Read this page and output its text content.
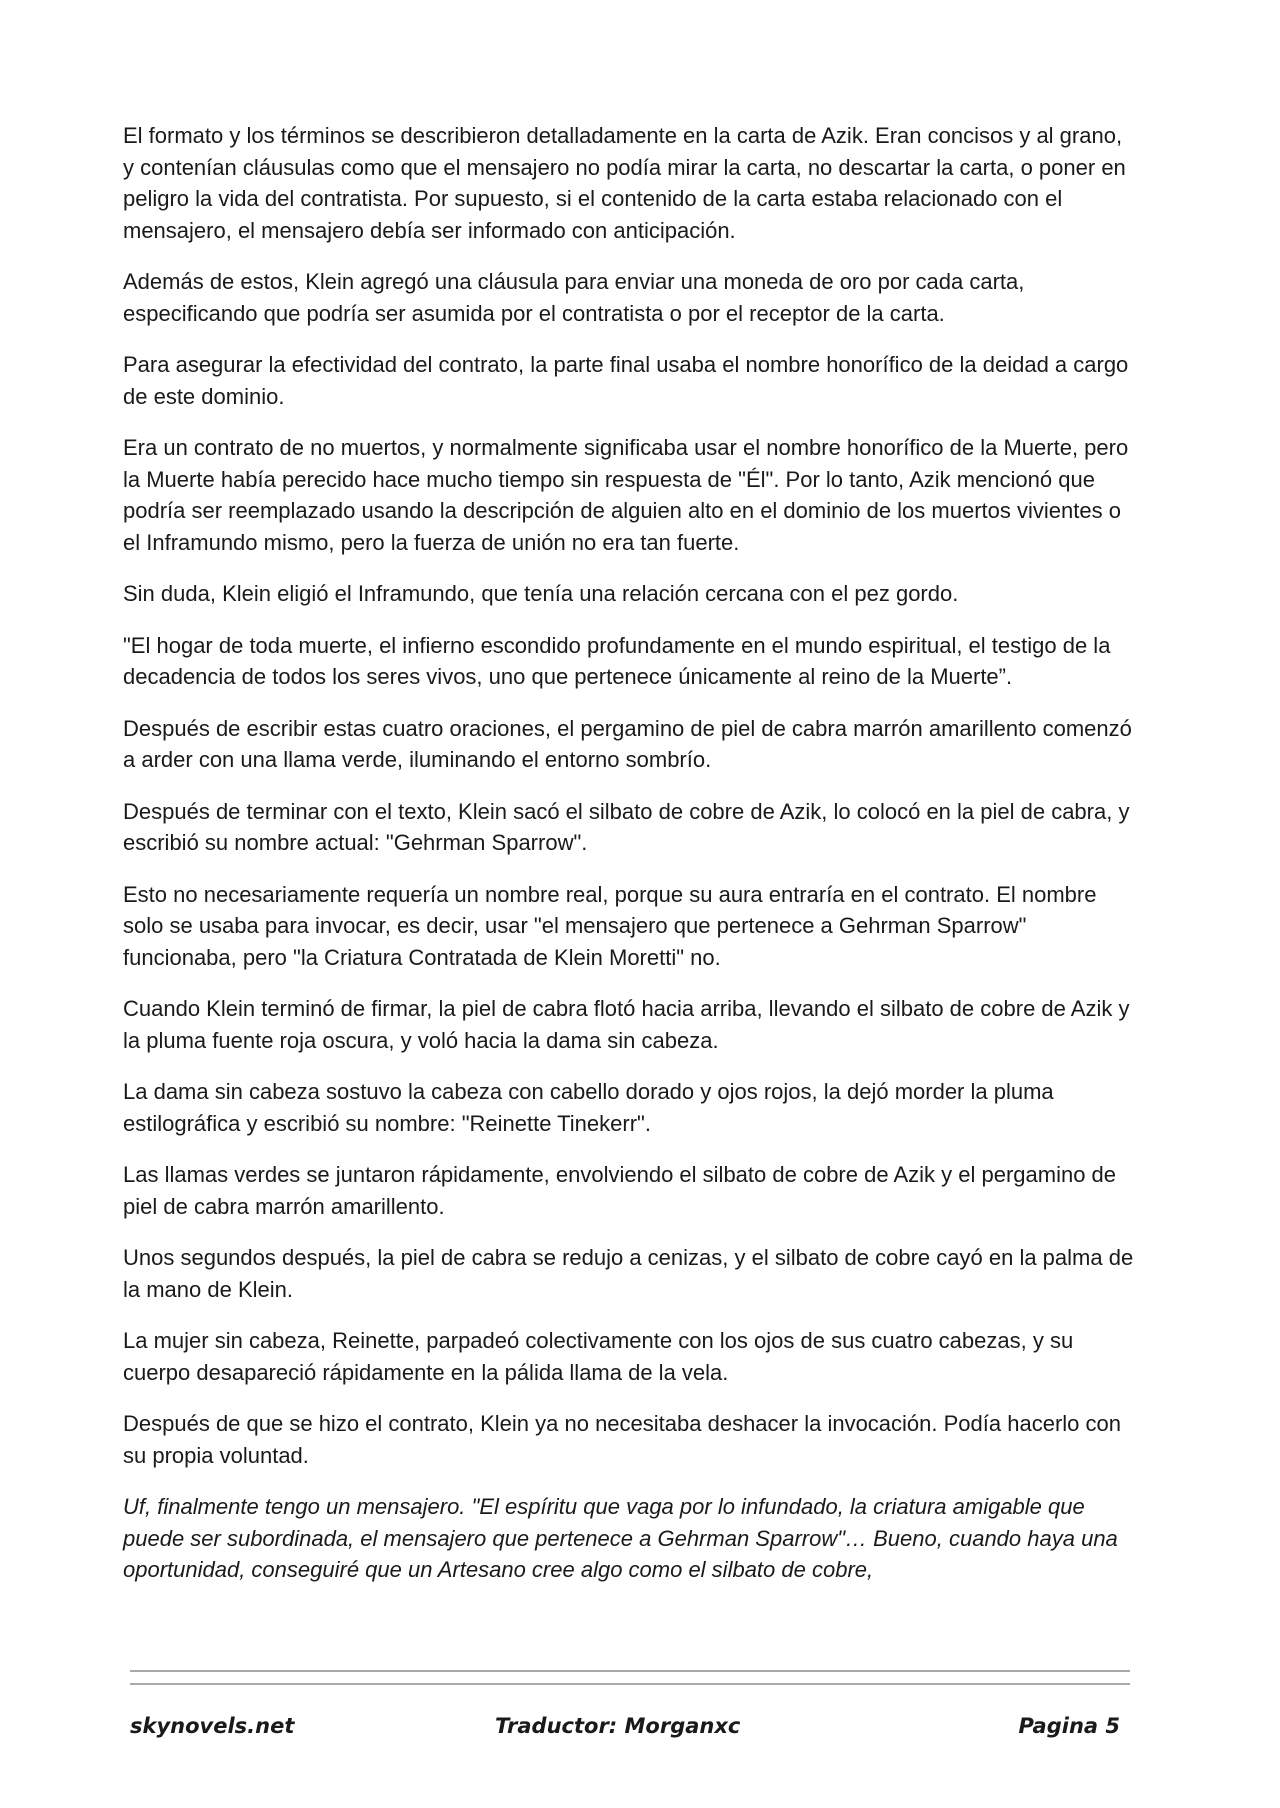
El formato y los términos se describieron detalladamente en la carta de Azik. Eran concisos y al grano, y contenían cláusulas como que el mensajero no podía mirar la carta, no descartar la carta, o poner en peligro la vida del contratista. Por supuesto, si el contenido de la carta estaba relacionado con el mensajero, el mensajero debía ser informado con anticipación.

Además de estos, Klein agregó una cláusula para enviar una moneda de oro por cada carta, especificando que podría ser asumida por el contratista o por el receptor de la carta.

Para asegurar la efectividad del contrato, la parte final usaba el nombre honorífico de la deidad a cargo de este dominio.

Era un contrato de no muertos, y normalmente significaba usar el nombre honorífico de la Muerte, pero la Muerte había perecido hace mucho tiempo sin respuesta de "Él". Por lo tanto, Azik mencionó que podría ser reemplazado usando la descripción de alguien alto en el dominio de los muertos vivientes o el Inframundo mismo, pero la fuerza de unión no era tan fuerte.

Sin duda, Klein eligió el Inframundo, que tenía una relación cercana con el pez gordo.

"El hogar de toda muerte, el infierno escondido profundamente en el mundo espiritual, el testigo de la decadencia de todos los seres vivos, uno que pertenece únicamente al reino de la Muerte”.

Después de escribir estas cuatro oraciones, el pergamino de piel de cabra marrón amarillento comenzó a arder con una llama verde, iluminando el entorno sombrío.

Después de terminar con el texto, Klein sacó el silbato de cobre de Azik, lo colocó en la piel de cabra, y escribió su nombre actual: "Gehrman Sparrow".

Esto no necesariamente requería un nombre real, porque su aura entraría en el contrato. El nombre solo se usaba para invocar, es decir, usar "el mensajero que pertenece a Gehrman Sparrow" funcionaba, pero "la Criatura Contratada de Klein Moretti" no.

Cuando Klein terminó de firmar, la piel de cabra flotó hacia arriba, llevando el silbato de cobre de Azik y la pluma fuente roja oscura, y voló hacia la dama sin cabeza.

La dama sin cabeza sostuvo la cabeza con cabello dorado y ojos rojos, la dejó morder la pluma estilográfica y escribió su nombre: "Reinette Tinekerr".

Las llamas verdes se juntaron rápidamente, envolviendo el silbato de cobre de Azik y el pergamino de piel de cabra marrón amarillento.

Unos segundos después, la piel de cabra se redujo a cenizas, y el silbato de cobre cayó en la palma de la mano de Klein.

La mujer sin cabeza, Reinette, parpadeó colectivamente con los ojos de sus cuatro cabezas, y su cuerpo desapareció rápidamente en la pálida llama de la vela.

Después de que se hizo el contrato, Klein ya no necesitaba deshacer la invocación. Podía hacerlo con su propia voluntad.

Uf, finalmente tengo un mensajero. "El espíritu que vaga por lo infundado, la criatura amigable que puede ser subordinada, el mensajero que pertenece a Gehrman Sparrow"… Bueno, cuando haya una oportunidad, conseguiré que un Artesano cree algo como el silbato de cobre,

skynovels.net	Traductor: Morganxc	Pagina 5
